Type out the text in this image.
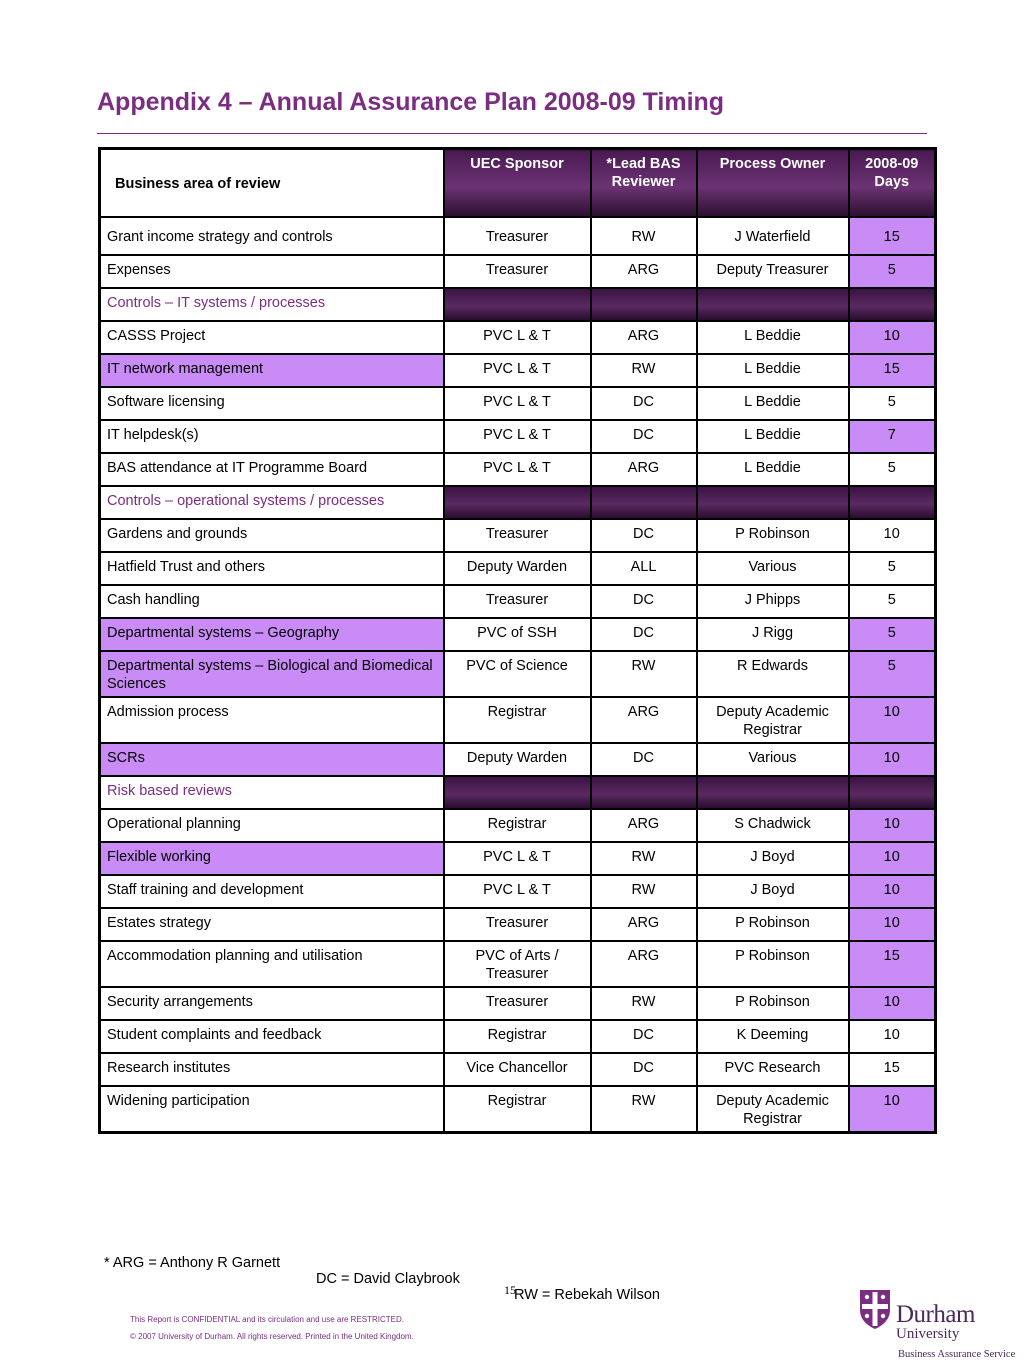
Appendix 4 – Annual Assurance Plan 2008-09 Timing
Business area of review	UEC Sponsor	*Lead BAS Reviewer	Process Owner	2008-09 Days
Grant income strategy and controls	Treasurer	RW	J Waterfield	15
Expenses	Treasurer	ARG	Deputy Treasurer	5
Controls – IT systems / processes				
CASSS Project	PVC L & T	ARG	L Beddie	10
IT network management	PVC L & T	RW	L Beddie	15
Software licensing	PVC L & T	DC	L Beddie	5
IT helpdesk(s)	PVC L & T	DC	L Beddie	7
BAS attendance at IT Programme Board	PVC L & T	ARG	L Beddie	5
Controls – operational systems / processes				
Gardens and grounds	Treasurer	DC	P Robinson	10
Hatfield Trust and others	Deputy Warden	ALL	Various	5
Cash handling	Treasurer	DC	J Phipps	5
Departmental systems – Geography	PVC of SSH	DC	J Rigg	5
Departmental systems – Biological and Biomedical Sciences	PVC of Science	RW	R Edwards	5
Admission process	Registrar	ARG	Deputy Academic Registrar	10
SCRs	Deputy Warden	DC	Various	10
Risk based reviews				
Operational planning	Registrar	ARG	S Chadwick	10
Flexible working	PVC L & T	RW	J Boyd	10
Staff training and development	PVC L & T	RW	J Boyd	10
Estates strategy	Treasurer	ARG	P Robinson	10
Accommodation planning and utilisation	PVC of Arts / Treasurer	ARG	P Robinson	15
Security arrangements	Treasurer	RW	P Robinson	10
Student complaints and feedback	Registrar	DC	K Deeming	10
Research institutes	Vice Chancellor	DC	PVC Research	15
Widening participation	Registrar	RW	Deputy Academic Registrar	10

* ARG = Anthony R Garnett

DC = David Claybrook

RW = Rebekah Wilson

15
This Report is CONFIDENTIAL and its circulation and use are RESTRICTED.
© 2007 University of Durham. All rights reserved. Printed in the United Kingdom.
Durham
University
Business Assurance Service
